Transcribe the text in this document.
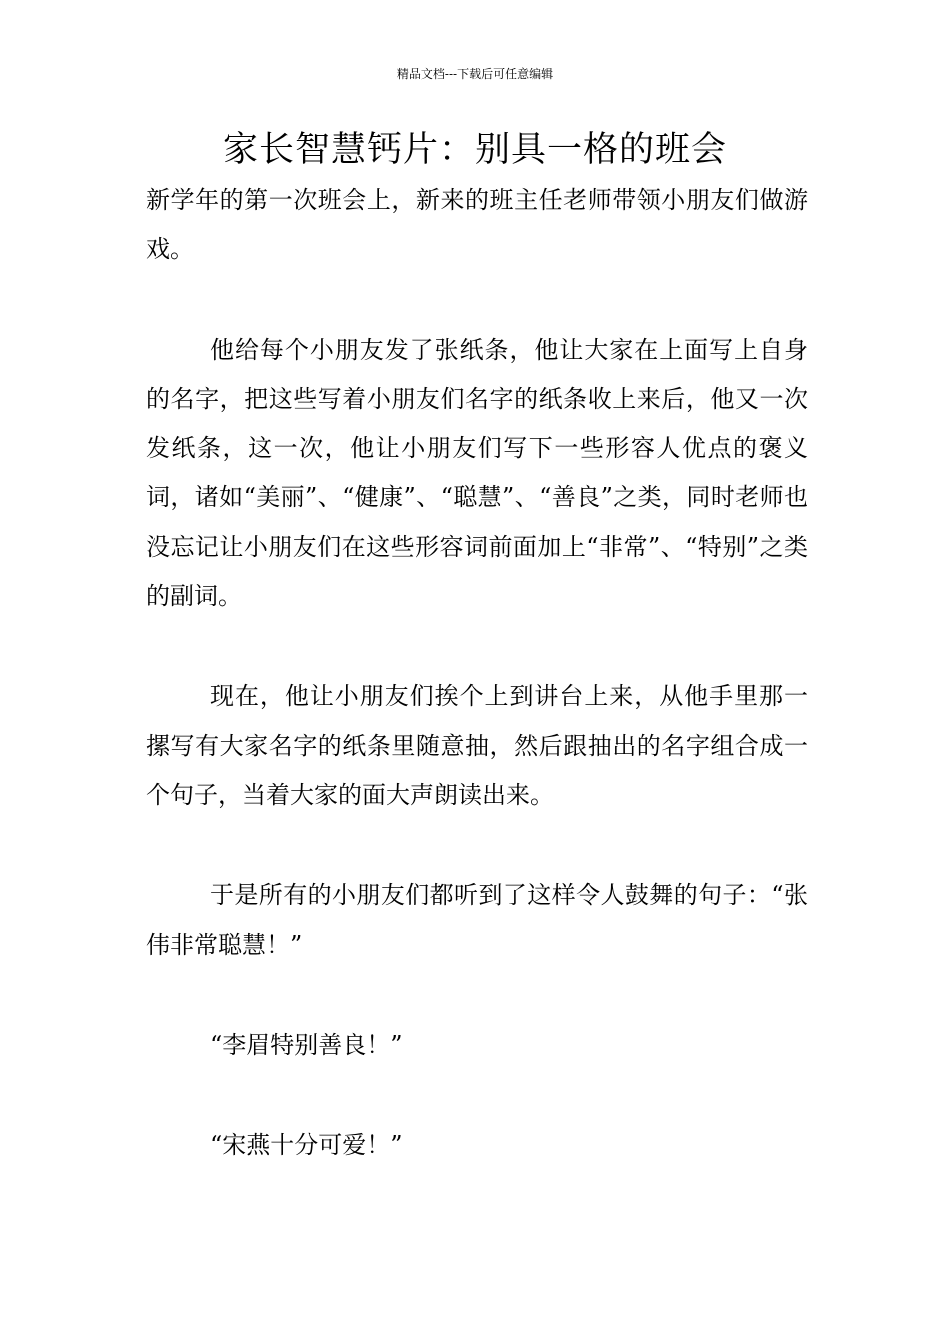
精品文档---下载后可任意编辑
家长智慧钙片：别具一格的班会

新学年的第一次班会上，新来的班主任老师带领小朋友们做游戏。

他给每个小朋友发了张纸条，他让大家在上面写上自身的名字，把这些写着小朋友们名字的纸条收上来后，他又一次发纸条，这一次，他让小朋友们写下一些形容人优点的褒义词，诸如“美丽”、“健康”、“聪慧”、“善良”之类，同时老师也没忘记让小朋友们在这些形容词前面加上“非常”、“特别”之类的副词。

现在，他让小朋友们挨个上到讲台上来，从他手里那一摞写有大家名字的纸条里随意抽，然后跟抽出的名字组合成一个句子，当着大家的面大声朗读出来。

于是所有的小朋友们都听到了这样令人鼓舞的句子：“张伟非常聪慧！”

“李眉特别善良！”

“宋燕十分可爱！”
